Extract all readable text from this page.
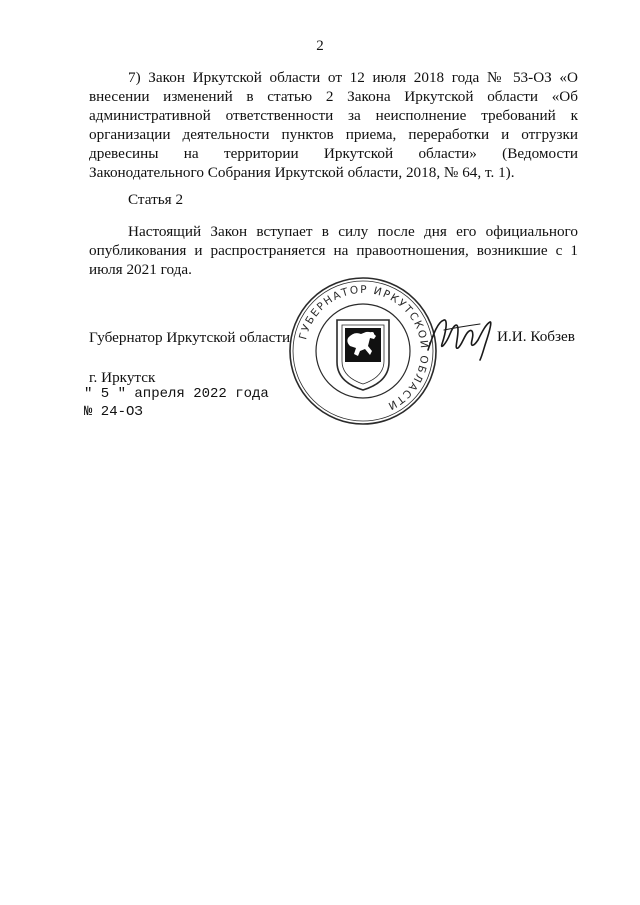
2

7) Закон Иркутской области от 12 июля 2018 года № 53-ОЗ «О внесении изменений в статью 2 Закона Иркутской области «Об административной ответственности за неисполнение требований к организации деятельности пунктов приема, переработки и отгрузки древесины на территории Иркутской области» (Ведомости Законодательного Собрания Иркутской области, 2018, № 64, т. 1).

Статья 2

Настоящий Закон вступает в силу после дня его официального опубликования и распространяется на правоотношения, возникшие с 1 июля 2021 года.

Губернатор Иркутской области ГУБЕРНАТОР ИРКУТСКОЙ ОБЛАСТИ
И.И. Кобзев
г. Иркутск
" 5 " апреля 2022 года
№ 24-ОЗ
